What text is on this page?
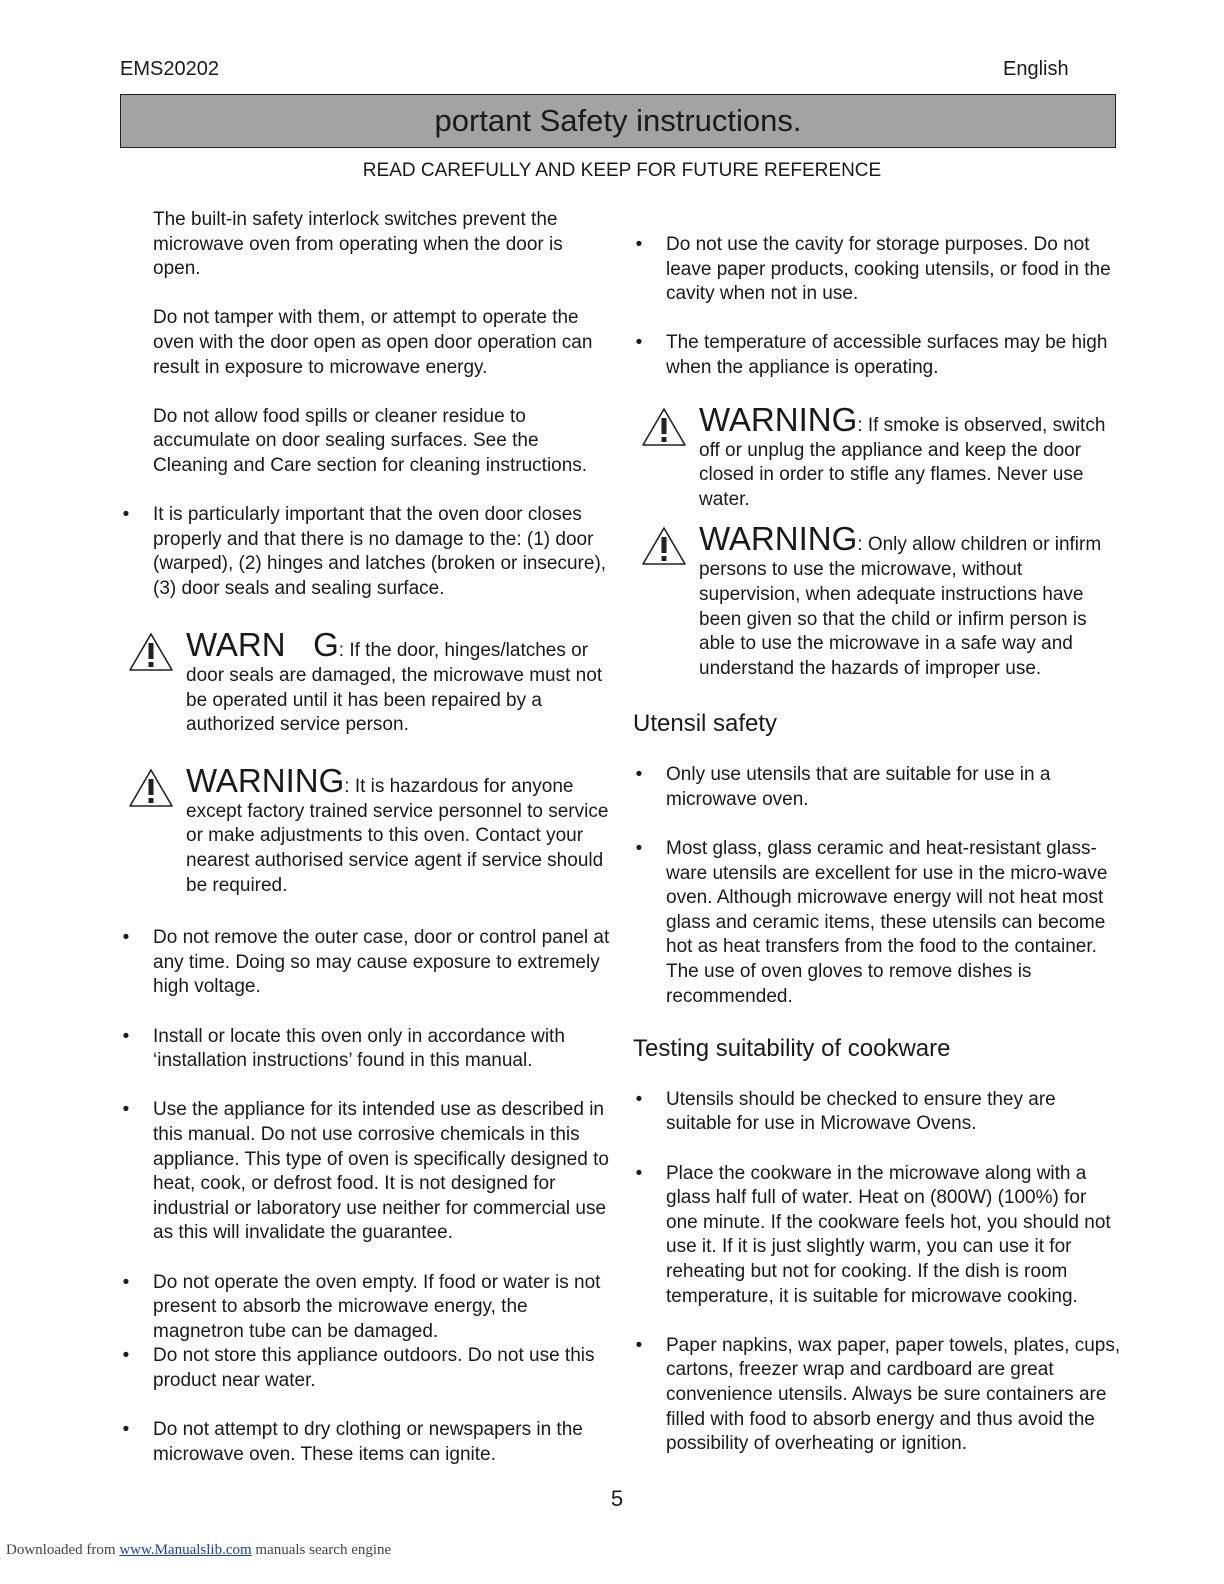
EMS20202	English
portant Safety instructions.
READ CAREFULLY AND KEEP FOR FUTURE REFERENCE

The built-in safety interlock switches prevent the microwave oven from operating when the door is open.

Do not tamper with them, or attempt to operate the oven with the door open as open door operation can result in exposure to microwave energy.

Do not allow food spills or cleaner residue to accumulate on door sealing surfaces. See the Cleaning and Care section for cleaning instructions.

• It is particularly important that the oven door closes properly and that there is no damage to the: (1) door (warped), (2) hinges and latches (broken or insecure), (3) door seals and sealing surface.
WARN   G: If the door, hinges/latches or door seals are damaged, the microwave must not be operated until it has been repaired by a authorized service person.
WARNING: It is hazardous for anyone except factory trained service personnel to service or make adjustments to this oven. Contact your nearest authorised service agent if service should be required.
• Do not remove the outer case, door or control panel at any time. Doing so may cause exposure to extremely high voltage.
• Install or locate this oven only in accordance with ‘installation instructions’ found in this manual.
• Use the appliance for its intended use as described in this manual. Do not use corrosive chemicals in this appliance. This type of oven is specifically designed to heat, cook, or defrost food. It is not designed for industrial or laboratory use neither for commercial use as this will invalidate the guarantee.
• Do not operate the oven empty. If food or water is not present to absorb the microwave energy, the magnetron tube can be damaged.
• Do not store this appliance outdoors. Do not use this product near water.
• Do not attempt to dry clothing or newspapers in the microwave oven. These items can ignite.
• Do not use the cavity for storage purposes. Do not leave paper products, cooking utensils, or food in the cavity when not in use.
• The temperature of accessible surfaces may be high when the appliance is operating.
WARNING: If smoke is observed, switch off or unplug the appliance and keep the door closed in order to stifle any flames. Never use water.
WARNING: Only allow children or infirm persons to use the microwave, without supervision, when adequate instructions have been given so that the child or infirm person is able to use the microwave in a safe way and understand the hazards of improper use.
Utensil safety
• Only use utensils that are suitable for use in a microwave oven.
• Most glass, glass ceramic and heat-resistant glass-ware utensils are excellent for use in the micro-wave oven. Although microwave energy will not heat most glass and ceramic items, these utensils can become hot as heat transfers from the food to the container. The use of oven gloves to remove dishes is recommended.
Testing suitability of cookware
• Utensils should be checked to ensure they are suitable for use in Microwave Ovens.
• Place the cookware in the microwave along with a glass half full of water. Heat on (800W) (100%) for one minute. If the cookware feels hot, you should not use it. If it is just slightly warm, you can use it for reheating but not for cooking. If the dish is room temperature, it is suitable for microwave cooking.
• Paper napkins, wax paper, paper towels, plates, cups, cartons, freezer wrap and cardboard are great convenience utensils. Always be sure containers are filled with food to absorb energy and thus avoid the possibility of overheating or ignition.
5
Downloaded from www.Manualslib.com manuals search engine
